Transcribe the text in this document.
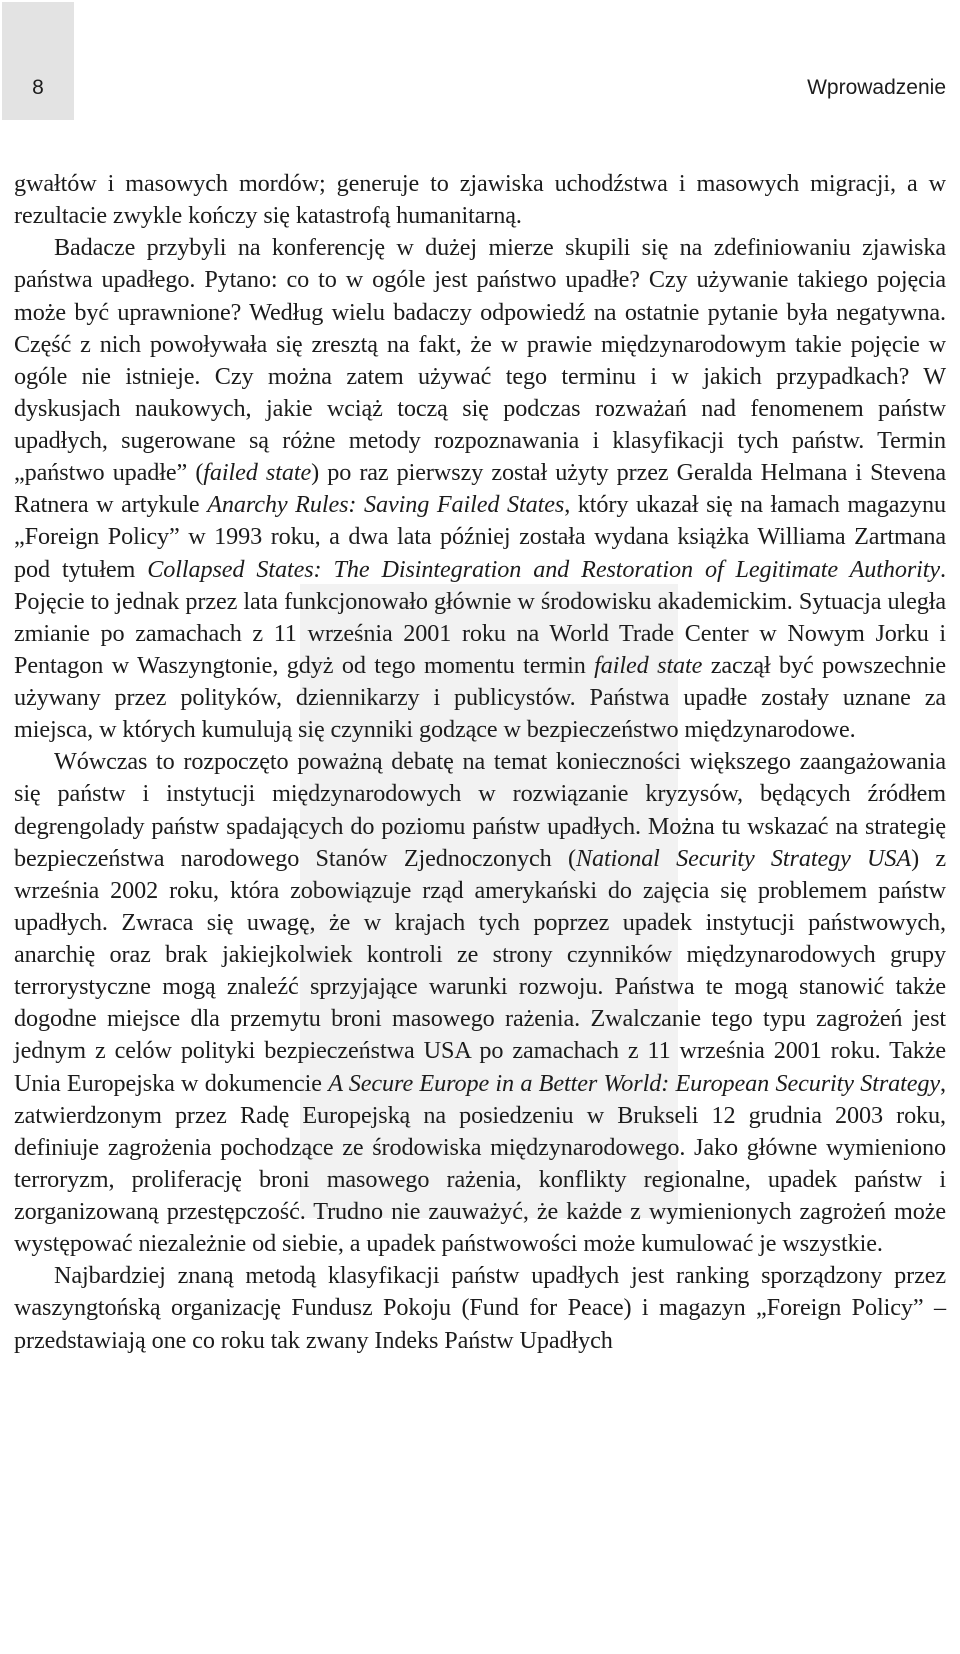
8	Wprowadzenie

gwałtów i masowych mordów; generuje to zjawiska uchodźstwa i masowych migracji, a w rezultacie zwykle kończy się katastrofą humanitarną.

Badacze przybyli na konferencję w dużej mierze skupili się na zdefiniowaniu zjawiska państwa upadłego. Pytano: co to w ogóle jest państwo upadłe? Czy używanie takiego pojęcia może być uprawnione? Według wielu badaczy odpowiedź na ostatnie pytanie była negatywna. Część z nich powoływała się zresztą na fakt, że w prawie międzynarodowym takie pojęcie w ogóle nie istnieje. Czy można zatem używać tego terminu i w jakich przypadkach? W dyskusjach naukowych, jakie wciąż toczą się podczas rozważań nad fenomenem państw upadłych, sugerowane są różne metody rozpoznawania i klasyfikacji tych państw. Termin „państwo upadłe” (failed state) po raz pierwszy został użyty przez Geralda Helmana i Stevena Ratnera w artykule Anarchy Rules: Saving Failed States, który ukazał się na łamach magazynu „Foreign Policy” w 1993 roku, a dwa lata później została wydana książka Williama Zartmana pod tytułem Collapsed States: The Disintegration and Restoration of Legitimate Authority. Pojęcie to jednak przez lata funkcjonowało głównie w środowisku akademickim. Sytuacja uległa zmianie po zamachach z 11 września 2001 roku na World Trade Center w Nowym Jorku i Pentagon w Waszyngtonie, gdyż od tego momentu termin failed state zaczął być powszechnie używany przez polityków, dziennikarzy i publicystów. Państwa upadłe zostały uznane za miejsca, w których kumulują się czynniki godzące w bezpieczeństwo międzynarodowe.

Wówczas to rozpoczęto poważną debatę na temat konieczności większego zaangażowania się państw i instytucji międzynarodowych w rozwiązanie kryzysów, będących źródłem degrengolady państw spadających do poziomu państw upadłych. Można tu wskazać na strategię bezpieczeństwa narodowego Stanów Zjednoczonych (National Security Strategy USA) z września 2002 roku, która zobowiązuje rząd amerykański do zajęcia się problemem państw upadłych. Zwraca się uwagę, że w krajach tych poprzez upadek instytucji państwowych, anarchię oraz brak jakiejkolwiek kontroli ze strony czynników międzynarodowych grupy terrorystyczne mogą znaleźć sprzyjające warunki rozwoju. Państwa te mogą stanowić także dogodne miejsce dla przemytu broni masowego rażenia. Zwalczanie tego typu zagrożeń jest jednym z celów polityki bezpieczeństwa USA po zamachach z 11 września 2001 roku. Także Unia Europejska w dokumencie A Secure Europe in a Better World: European Security Strategy, zatwierdzonym przez Radę Europejską na posiedzeniu w Brukseli 12 grudnia 2003 roku, definiuje zagrożenia pochodzące ze środowiska międzynarodowego. Jako główne wymieniono terroryzm, proliferację broni masowego rażenia, konflikty regionalne, upadek państw i zorganizowaną przestępczość. Trudno nie zauważyć, że każde z wymienionych zagrożeń może występować niezależnie od siebie, a upadek państwowości może kumulować je wszystkie.

Najbardziej znaną metodą klasyfikacji państw upadłych jest ranking sporządzony przez waszyngtońską organizację Fundusz Pokoju (Fund for Peace) i magazyn „Foreign Policy” – przedstawiają one co roku tak zwany Indeks Państw Upadłych
